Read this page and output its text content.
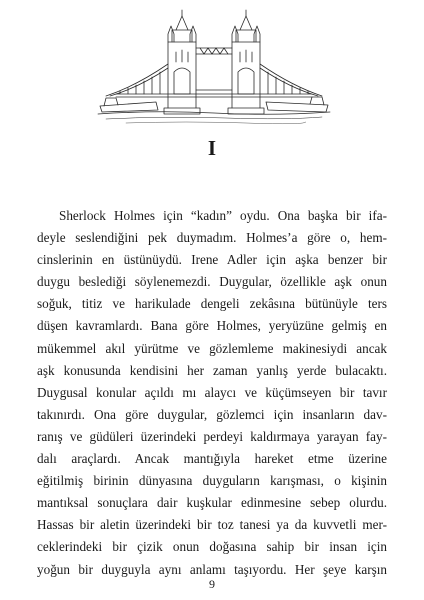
I
Sherlock Holmes için “kadın” oydu. Ona başka bir ifa-
deyle seslendiğini pek duymadım. Holmes’a göre o, hem-
cinslerinin en üstünüydü. Irene Adler için aşka benzer bir
duygu beslediği söylenemezdi. Duygular, özellikle aşk onun
soğuk, titiz ve harikulade dengeli zekâsına bütünüyle ters
düşen kavramlardı. Bana göre Holmes, yeryüzüne gelmiş en
mükemmel akıl yürütme ve gözlemleme makinesiydi ancak
aşk konusunda kendisini her zaman yanlış yerde bulacaktı.
Duygusal konular açıldı mı alaycı ve küçümseyen bir tavır
takınırdı. Ona göre duygular, gözlemci için insanların dav-
ranış ve güdüleri üzerindeki perdeyi kaldırmaya yarayan fay-
dalı araçlardı. Ancak mantığıyla hareket etme üzerine
eğitilmiş birinin dünyasına duyguların karışması, o kişinin
mantıksal sonuçlara dair kuşkular edinmesine sebep olurdu.
Hassas bir aletin üzerindeki bir toz tanesi ya da kuvvetli mer-
ceklerindeki bir çizik onun doğasına sahip bir insan için
yoğun bir duyguyla aynı anlamı taşıyordu. Her şeye karşın
9
